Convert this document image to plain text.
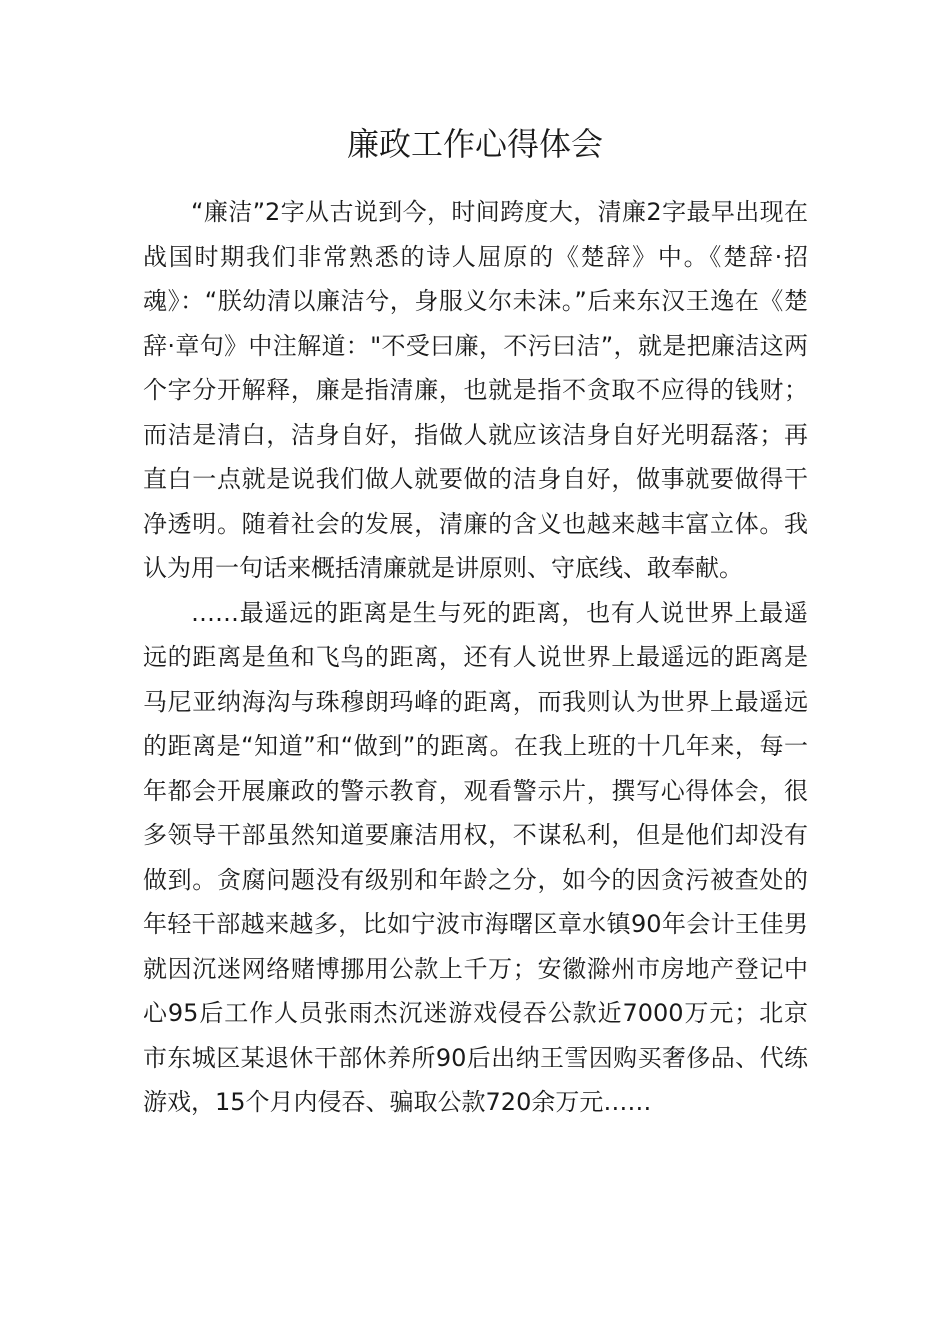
廉政工作心得体会

“廉洁”2字从古说到今，时间跨度大，清廉2字最早出现在战国时期我们非常熟悉的诗人屈原的《楚辞》中。《楚辞·招魂》：“朕幼清以廉洁兮，身服义尔未沫。”后来东汉王逸在《楚辞·章句》中注解道："不受曰廉，不污曰洁”，就是把廉洁这两个字分开解释，廉是指清廉，也就是指不贪取不应得的钱财；而洁是清白，洁身自好，指做人就应该洁身自好光明磊落；再直白一点就是说我们做人就要做的洁身自好，做事就要做得干净透明。随着社会的发展，清廉的含义也越来越丰富立体。我认为用一句话来概括清廉就是讲原则、守底线、敢奉献。

……最遥远的距离是生与死的距离，也有人说世界上最遥远的距离是鱼和飞鸟的距离，还有人说世界上最遥远的距离是马尼亚纳海沟与珠穆朗玛峰的距离，而我则认为世界上最遥远的距离是“知道”和“做到”的距离。在我上班的十几年来，每一年都会开展廉政的警示教育，观看警示片，撰写心得体会，很多领导干部虽然知道要廉洁用权，不谋私利，但是他们却没有做到。贪腐问题没有级别和年龄之分，如今的因贪污被查处的年轻干部越来越多，比如宁波市海曙区章水镇90年会计王佳男就因沉迷网络赌博挪用公款上千万；安徽滁州市房地产登记中心95后工作人员张雨杰沉迷游戏侵吞公款近7000万元；北京市东城区某退休干部休养所90后出纳王雪因购买奢侈品、代练游戏，15个月内侵吞、骗取公款720余万元……
